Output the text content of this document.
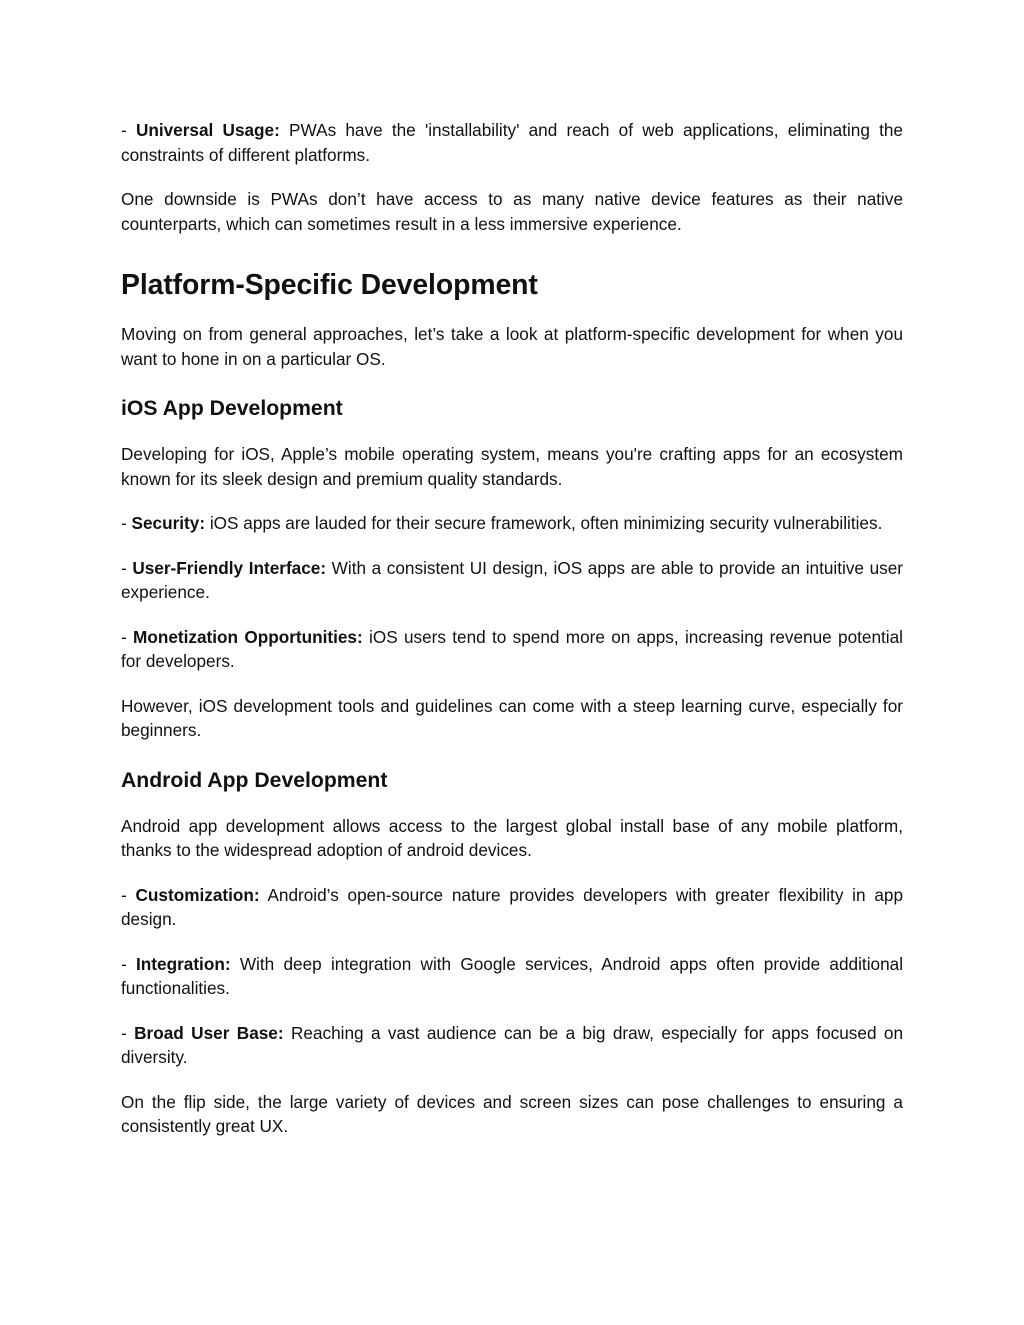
- Universal Usage: PWAs have the 'installability' and reach of web applications, eliminating the constraints of different platforms.

One downside is PWAs don’t have access to as many native device features as their native counterparts, which can sometimes result in a less immersive experience.

Platform-Specific Development

Moving on from general approaches, let’s take a look at platform-specific development for when you want to hone in on a particular OS.

iOS App Development

Developing for iOS, Apple’s mobile operating system, means you're crafting apps for an ecosystem known for its sleek design and premium quality standards.

- Security: iOS apps are lauded for their secure framework, often minimizing security vulnerabilities.

- User-Friendly Interface: With a consistent UI design, iOS apps are able to provide an intuitive user experience.

- Monetization Opportunities: iOS users tend to spend more on apps, increasing revenue potential for developers.

However, iOS development tools and guidelines can come with a steep learning curve, especially for beginners.

Android App Development

Android app development allows access to the largest global install base of any mobile platform, thanks to the widespread adoption of android devices.

- Customization: Android’s open-source nature provides developers with greater flexibility in app design.

- Integration: With deep integration with Google services, Android apps often provide additional functionalities.

- Broad User Base: Reaching a vast audience can be a big draw, especially for apps focused on diversity.

On the flip side, the large variety of devices and screen sizes can pose challenges to ensuring a consistently great UX.
